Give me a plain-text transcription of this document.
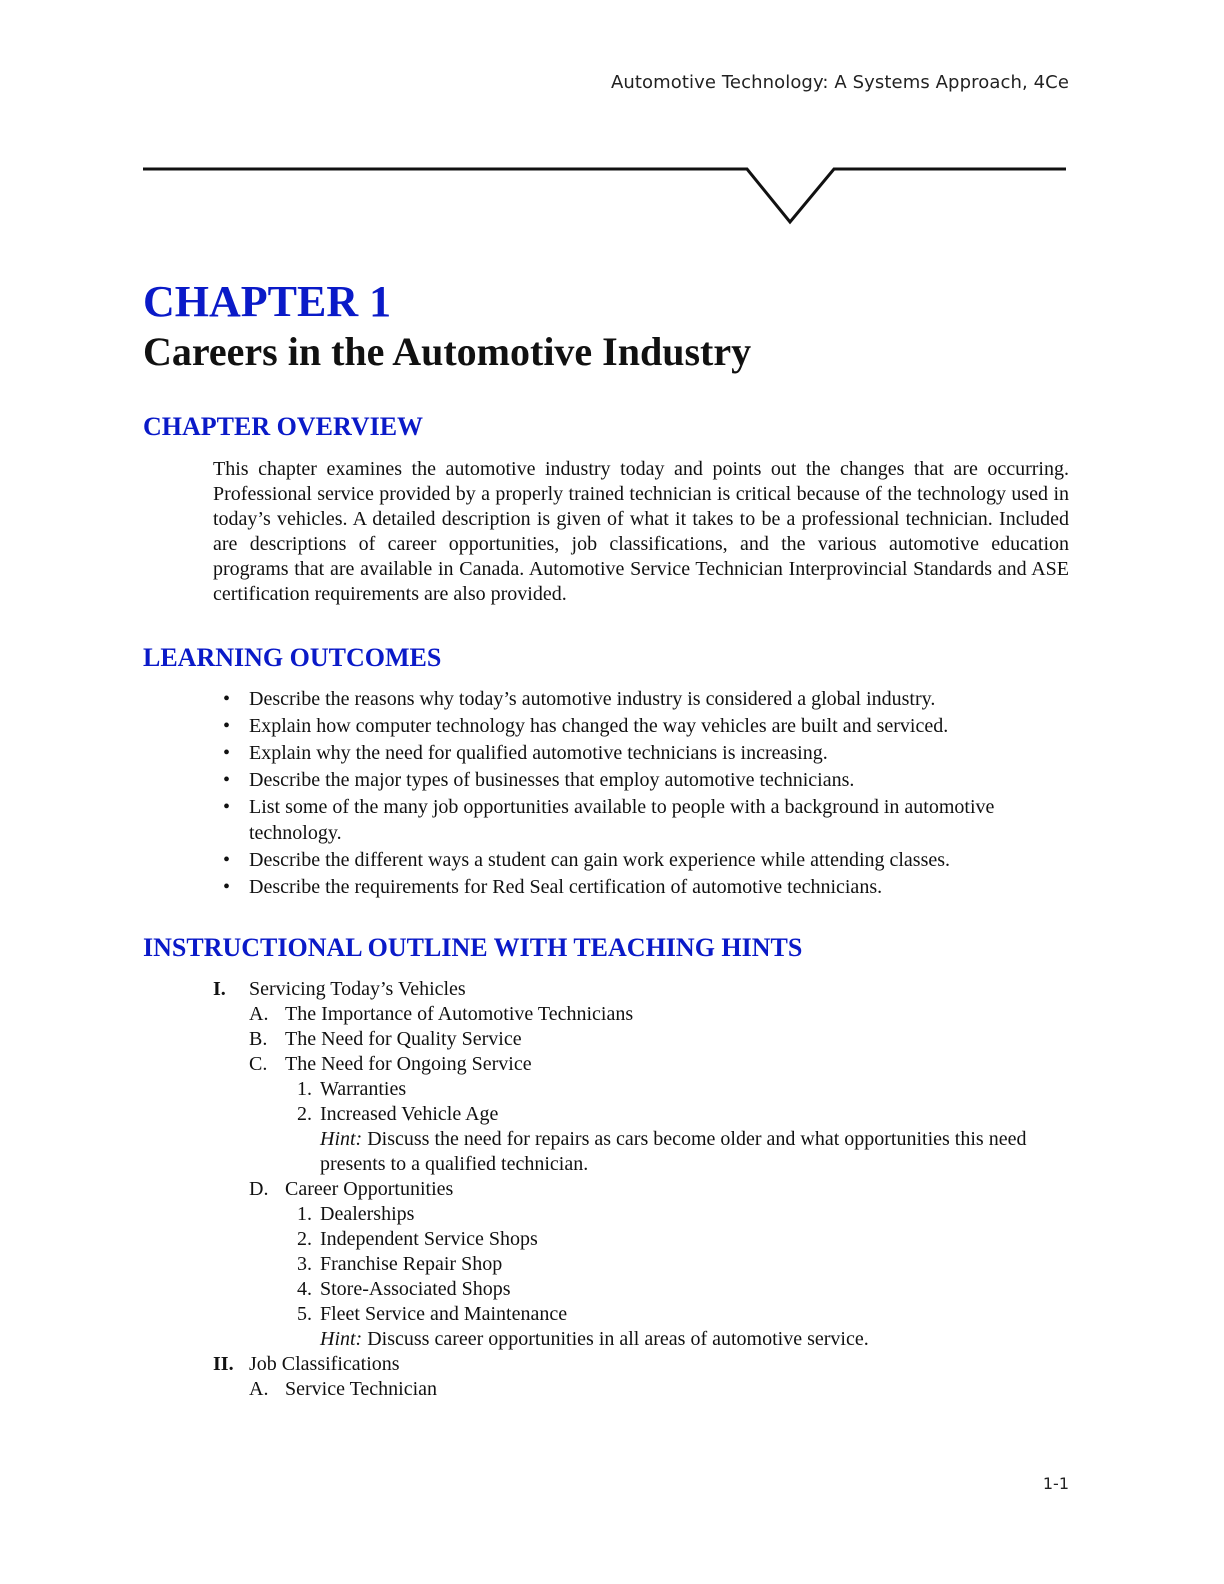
Automotive Technology: A Systems Approach, 4Ce
CHAPTER 1
Careers in the Automotive Industry
CHAPTER OVERVIEW

This chapter examines the automotive industry today and points out the changes that are occurring. Professional service provided by a properly trained technician is critical because of the technology used in today’s vehicles. A detailed description is given of what it takes to be a professional technician. Included are descriptions of career opportunities, job classifications, and the various automotive education programs that are available in Canada. Automotive Service Technician Interprovincial Standards and ASE certification requirements are also provided.

LEARNING OUTCOMES
• Describe the reasons why today’s automotive industry is considered a global industry.
• Explain how computer technology has changed the way vehicles are built and serviced.
• Explain why the need for qualified automotive technicians is increasing.
• Describe the major types of businesses that employ automotive technicians.
• List some of the many job opportunities available to people with a background in automotive technology.
• Describe the different ways a student can gain work experience while attending classes.
• Describe the requirements for Red Seal certification of automotive technicians.
INSTRUCTIONAL OUTLINE WITH TEACHING HINTS
I.	Servicing Today’s Vehicles
A. The Importance of Automotive Technicians
B. The Need for Quality Service
C. The Need for Ongoing Service
1. Warranties
2. Increased Vehicle Age
Hint: Discuss the need for repairs as cars become older and what opportunities this need presents to a qualified technician.
D. Career Opportunities
1. Dealerships
2. Independent Service Shops
3. Franchise Repair Shop
4. Store-Associated Shops
5. Fleet Service and Maintenance
Hint: Discuss career opportunities in all areas of automotive service.
II. Job Classifications
A. Service Technician
1-1
